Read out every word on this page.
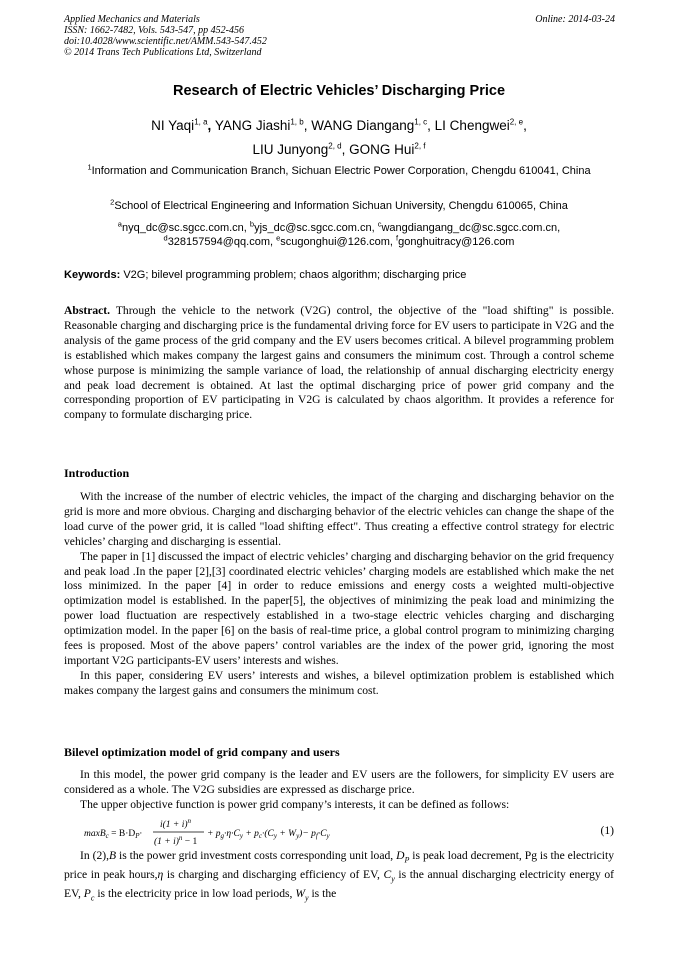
Applied Mechanics and Materials
ISSN: 1662-7482, Vols. 543-547, pp 452-456
doi:10.4028/www.scientific.net/AMM.543-547.452
© 2014 Trans Tech Publications Ltd, Switzerland
Online: 2014-03-24
Research of Electric Vehicles’ Discharging Price
NI Yaqi$^{1, a}$, YANG Jiashi$^{1, b}$, WANG Diangang$^{1, c}$, LI Chengwei$^{2, e}$,
LIU Junyong$^{2, d}$, GONG Hui$^{2, f}$
$^1$Information and Communication Branch, Sichuan Electric Power Corporation, Chengdu 610041, China
$^2$School of Electrical Engineering and Information Sichuan University, Chengdu 610065, China
$^a$nyq_dc@sc.sgcc.com.cn, $^b$yjs_dc@sc.sgcc.com.cn, $^c$wangdiangang_dc@sc.sgcc.com.cn,
$^d$328157594@qq.com, $^e$scugonghui@126.com, $^f$gonghuitracy@126.com
Keywords: V2G; bilevel programming problem; chaos algorithm; discharging price

Abstract. Through the vehicle to the network (V2G) control, the objective of the "load shifting" is possible. Reasonable charging and discharging price is the fundamental driving force for EV users to participate in V2G and the analysis of the game process of the grid company and the EV users becomes critical. A bilevel programming problem is established which makes company the largest gains and consumers the minimum cost. Through a control scheme whose purpose is minimizing the sample variance of load, the relationship of annual discharging electricity energy and peak load decrement is obtained. At last the optimal discharging price of power grid company and the corresponding proportion of EV participating in V2G is calculated by chaos algorithm. It provides a reference for company to formulate discharging price.

Introduction

With the increase of the number of electric vehicles, the impact of the charging and discharging behavior on the grid is more and more obvious. Charging and discharging behavior of the electric vehicles can change the shape of the load curve of the power grid, it is called "load shifting effect". Thus creating a effective control strategy for electric vehicles’ charging and discharging is essential.

The paper in [1] discussed the impact of electric vehicles’ charging and discharging behavior on the grid frequency and peak load .In the paper [2],[3] coordinated electric vehicles’ charging models are established which make the net loss minimized. In the paper [4] in order to reduce emissions and energy costs a weighted multi-objective optimization model is established. In the paper[5], the objectives of minimizing the peak load and minimizing the power load fluctuation are respectively established in a two-stage electric vehicles charging and discharging optimization model. In the paper [6] on the basis of real-time price, a global control program to minimizing charging fees is proposed. Most of the above papers’ control variables are the index of the power grid, ignoring the most important V2G participants-EV users’ interests and wishes.

In this paper, considering EV users’ interests and wishes, a bilevel optimization problem is established which makes company the largest gains and consumers the minimum cost.

Bilevel optimization model of grid company and users

In this model, the power grid company is the leader and EV users are the followers, for simplicity EV users are considered as a whole. The V2G subsidies are expressed as discharge price.

The upper objective function is power grid company’s interests, it can be defined as follows:

$\max B_c = B\cdot D_P\cdot$
$i(1 + i)^n$
$(1 + i)^n - 1$
+ $p_g\cdot\eta\cdot C_y + p_c\cdot(C_y + W_y)- p_f\cdot C_y$	(1)

In (2),B is the power grid investment costs corresponding unit load, $D_P$ is peak load decrement, Pg is the electricity price in peak hours,η is charging and discharging efficiency of EV, $C_y$ is the annual discharging electricity energy of EV, $P_c$ is the electricity price in low load periods, $W_y$ is the
